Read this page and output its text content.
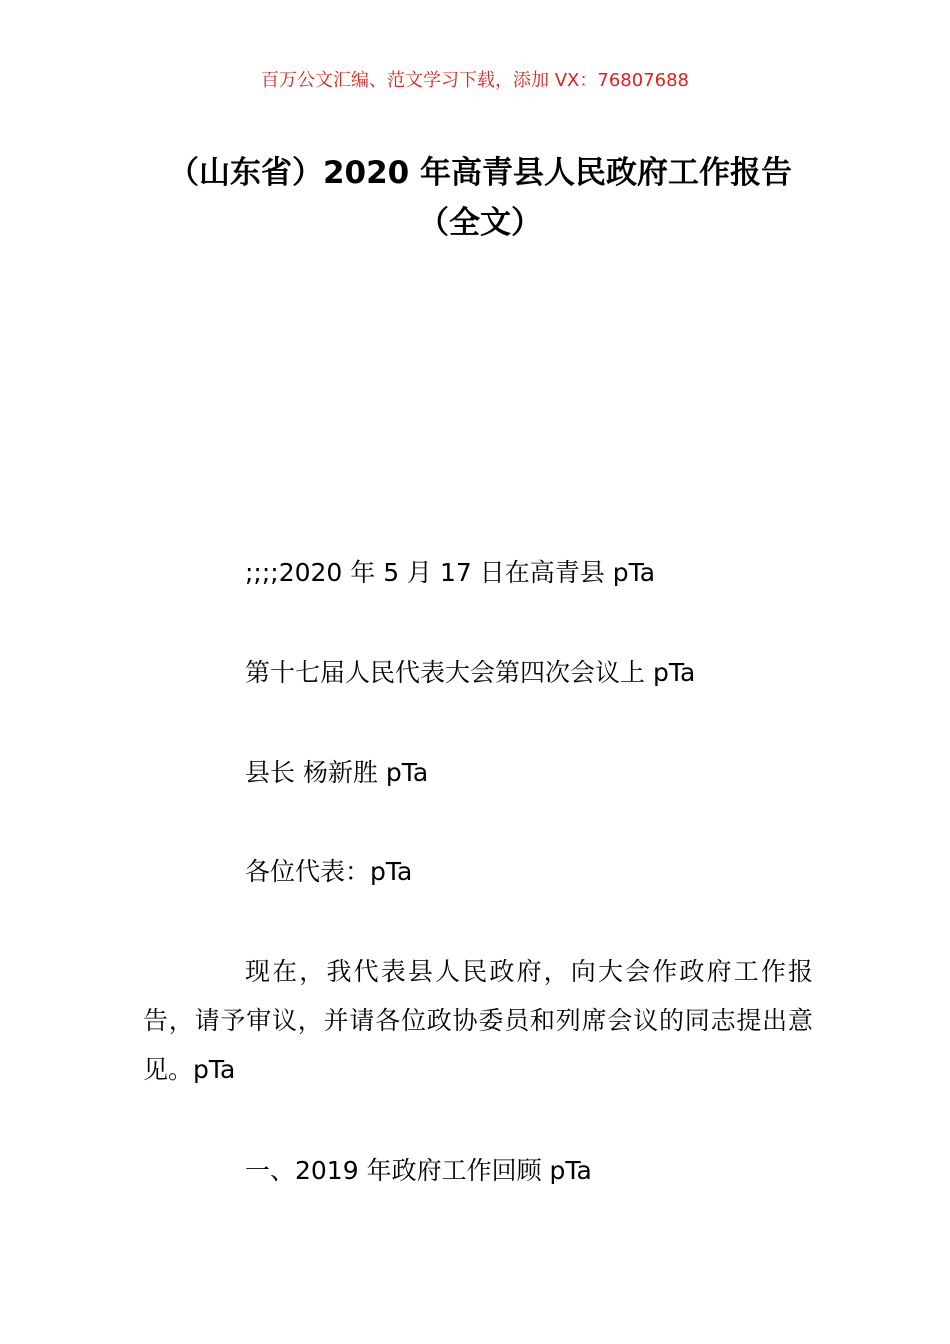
百万公文汇编、范文学习下载，添加 VX：76807688
（山东省）2020 年高青县人民政府工作报告（全文）
;;;;2020 年 5 月 17 日在高青县 pTa
第十七届人民代表大会第四次会议上 pTa
县长 杨新胜 pTa
各位代表：pTa
现在，我代表县人民政府，向大会作政府工作报告，请予审议，并请各位政协委员和列席会议的同志提出意见。pTa
一、2019 年政府工作回顾 pTa
